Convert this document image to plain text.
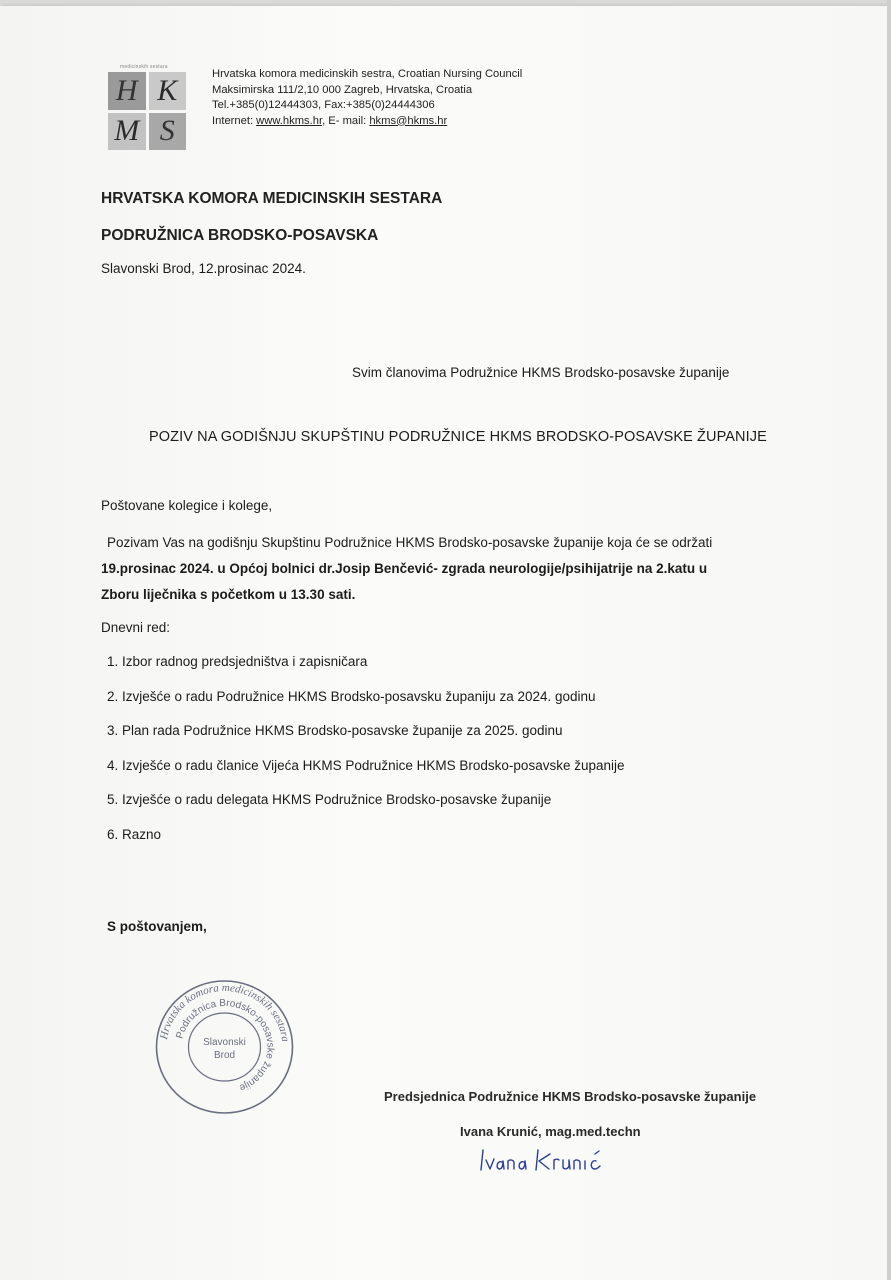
medicinskih sestara
H K
M S
Hrvatska komora medicinskih sestra, Croatian Nursing Council
Maksimirska 111/2,10 000 Zagreb, Hrvatska, Croatia
Tel.+385(0)12444303, Fax:+385(0)24444306
Internet: www.hkms.hr, E- mail: hkms@hkms.hr
HRVATSKA KOMORA MEDICINSKIH SESTARA
PODRUŽNICA BRODSKO-POSAVSKA
Slavonski Brod, 12.prosinac 2024.
Svim članovima Podružnice HKMS Brodsko-posavske županije
POZIV NA GODIŠNJU SKUPŠTINU PODRUŽNICE HKMS BRODSKO-POSAVSKE ŽUPANIJE
Poštovane kolegice i kolege,
Pozivam Vas na godišnju Skupštinu Podružnice HKMS Brodsko-posavske županije koja će se održati
19.prosinac 2024. u Općoj bolnici dr.Josip Benčević- zgrada neurologije/psihijatrije na 2.katu u
Zboru liječnika s početkom u 13.30 sati.
Dnevni red:
1. Izbor radnog predsjedništva i zapisničara
2. Izvješće o radu Podružnice HKMS Brodsko-posavsku županiju za 2024. godinu
3. Plan rada Podružnice HKMS Brodsko-posavske županije za 2025. godinu
4. Izvješće o radu članice Vijeća HKMS Podružnice HKMS Brodsko-posavske županije
5. Izvješće o radu delegata HKMS Podružnice Brodsko-posavske županije
6. Razno
S poštovanjem,
Hrvatska komora medicinskih sestara
Podružnica Brodsko-posavske županije
Slavonski
Brod
Predsjednica Podružnice HKMS Brodsko-posavske županije
Ivana Krunić, mag.med.techn
